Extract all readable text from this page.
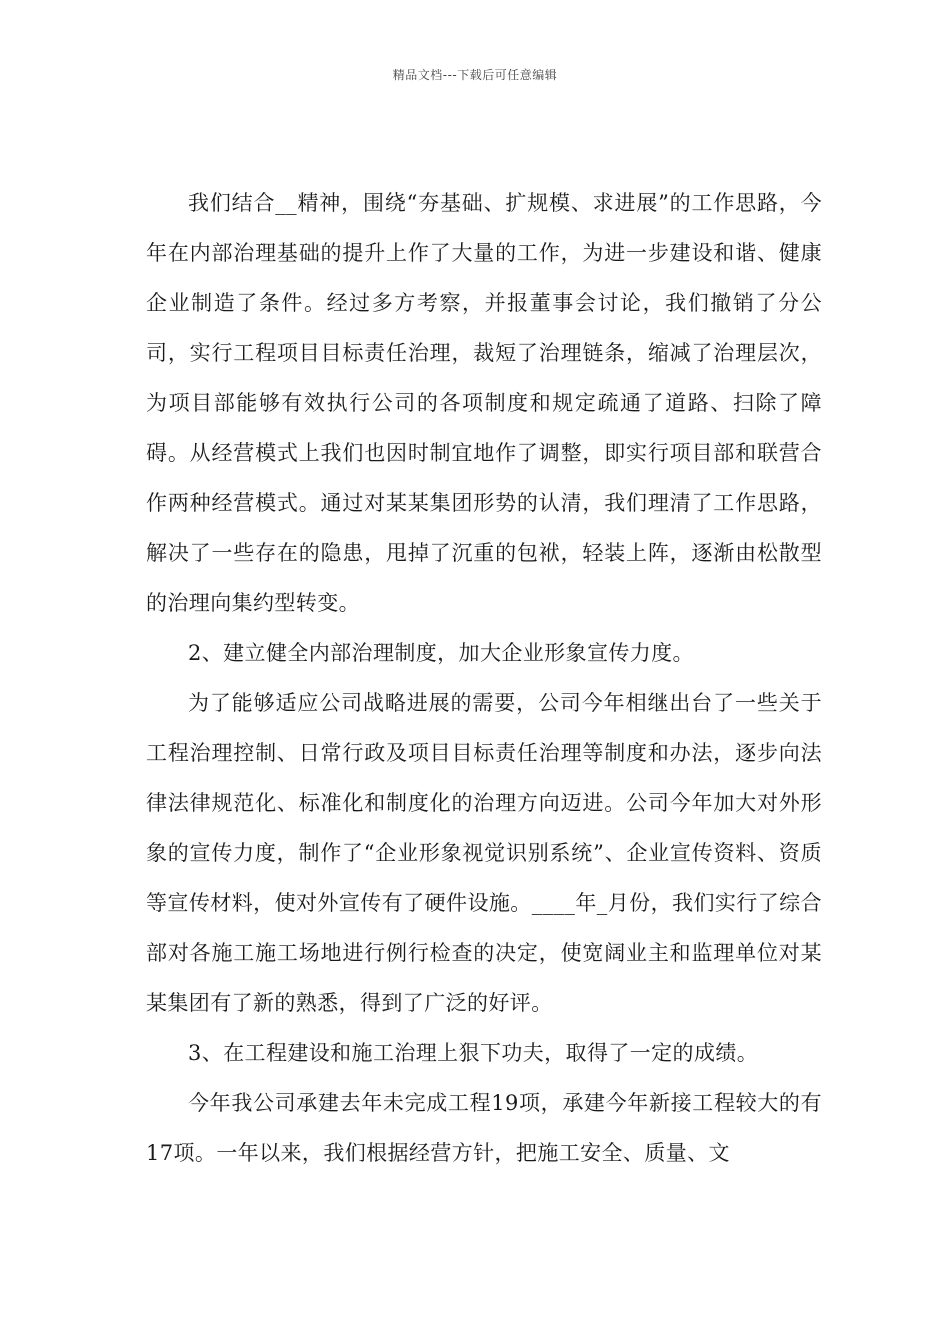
精品文档---下载后可任意编辑

我们结合__精神，围绕“夯基础、扩规模、求进展”的工作思路，今年在内部治理基础的提升上作了大量的工作，为进一步建设和谐、健康企业制造了条件。经过多方考察，并报董事会讨论，我们撤销了分公司，实行工程项目目标责任治理，裁短了治理链条，缩减了治理层次，为项目部能够有效执行公司的各项制度和规定疏通了道路、扫除了障碍。从经营模式上我们也因时制宜地作了调整，即实行项目部和联营合作两种经营模式。通过对某某集团形势的认清，我们理清了工作思路，解决了一些存在的隐患，甩掉了沉重的包袱，轻装上阵，逐渐由松散型的治理向集约型转变。

2、建立健全内部治理制度，加大企业形象宣传力度。

为了能够适应公司战略进展的需要，公司今年相继出台了一些关于工程治理控制、日常行政及项目目标责任治理等制度和办法，逐步向法律法律规范化、标准化和制度化的治理方向迈进。公司今年加大对外形象的宣传力度，制作了“企业形象视觉识别系统”、企业宣传资料、资质等宣传材料，使对外宣传有了硬件设施。____年_月份，我们实行了综合部对各施工施工场地进行例行检查的决定，使宽阔业主和监理单位对某某集团有了新的熟悉，得到了广泛的好评。

3、在工程建设和施工治理上狠下功夫，取得了一定的成绩。

今年我公司承建去年未完成工程19项，承建今年新接工程较大的有17项。一年以来，我们根据经营方针，把施工安全、质量、文
